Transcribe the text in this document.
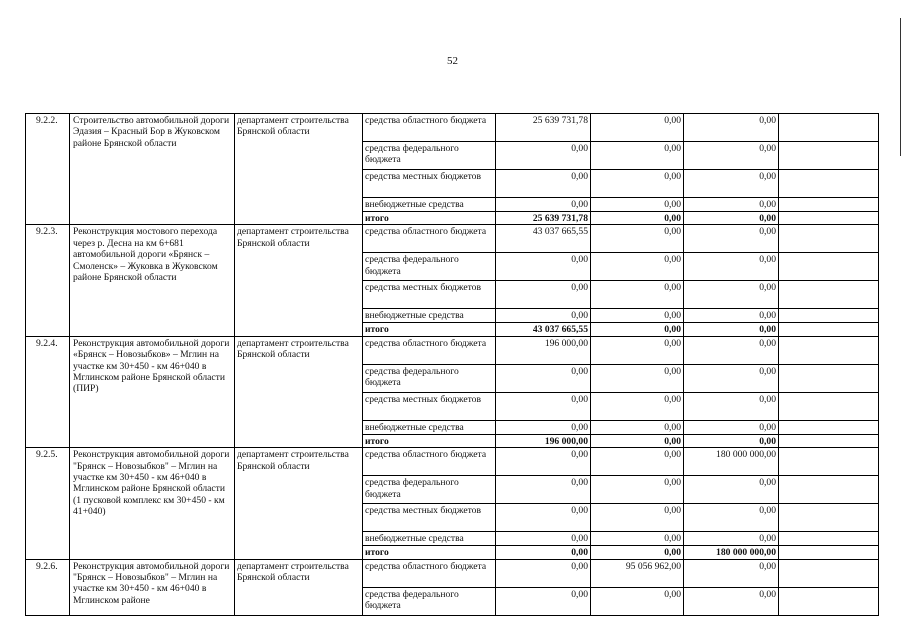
52
9.2.2.	Строительство автомобильной дороги Эдазия – Красный Бор в Жуковском районе Брянской области	департамент строительства Брянской области	средства областного бюджета	25 639 731,78	0,00	0,00	
			средства федерального бюджета	0,00	0,00	0,00	
			средства местных бюджетов	0,00	0,00	0,00	
			внебюджетные средства	0,00	0,00	0,00	
			итого	25 639 731,78	0,00	0,00	
9.2.3.	Реконструкция мостового перехода через р. Десна на км 6+681 автомобильной дороги «Брянск – Смоленск» – Жуковка в Жуковском районе Брянской области	департамент строительства Брянской области	средства областного бюджета	43 037 665,55	0,00	0,00	
			средства федерального бюджета	0,00	0,00	0,00	
			средства местных бюджетов	0,00	0,00	0,00	
			внебюджетные средства	0,00	0,00	0,00	
			итого	43 037 665,55	0,00	0,00	
9.2.4.	Реконструкция автомобильной дороги «Брянск – Новозыбков» – Мглин на участке км 30+450 - км 46+040 в Мглинском районе Брянской области (ПИР)	департамент строительства Брянской области	средства областного бюджета	196 000,00	0,00	0,00	
			средства федерального бюджета	0,00	0,00	0,00	
			средства местных бюджетов	0,00	0,00	0,00	
			внебюджетные средства	0,00	0,00	0,00	
			итого	196 000,00	0,00	0,00	
9.2.5.	Реконструкция автомобильной дороги "Брянск – Новозыбков" – Мглин на участке км 30+450 - км 46+040 в Мглинском районе Брянской области (1 пусковой комплекс км 30+450 - км 41+040)	департамент строительства Брянской области	средства областного бюджета	0,00	0,00	180 000 000,00	
			средства федерального бюджета	0,00	0,00	0,00	
			средства местных бюджетов	0,00	0,00	0,00	
			внебюджетные средства	0,00	0,00	0,00	
			итого	0,00	0,00	180 000 000,00	
9.2.6.	Реконструкция автомобильной дороги "Брянск – Новозыбков" – Мглин на участке км 30+450 - км 46+040 в Мглинском районе	департамент строительства Брянской области	средства областного бюджета	0,00	95 056 962,00	0,00	
			средства федерального бюджета	0,00	0,00	0,00	
